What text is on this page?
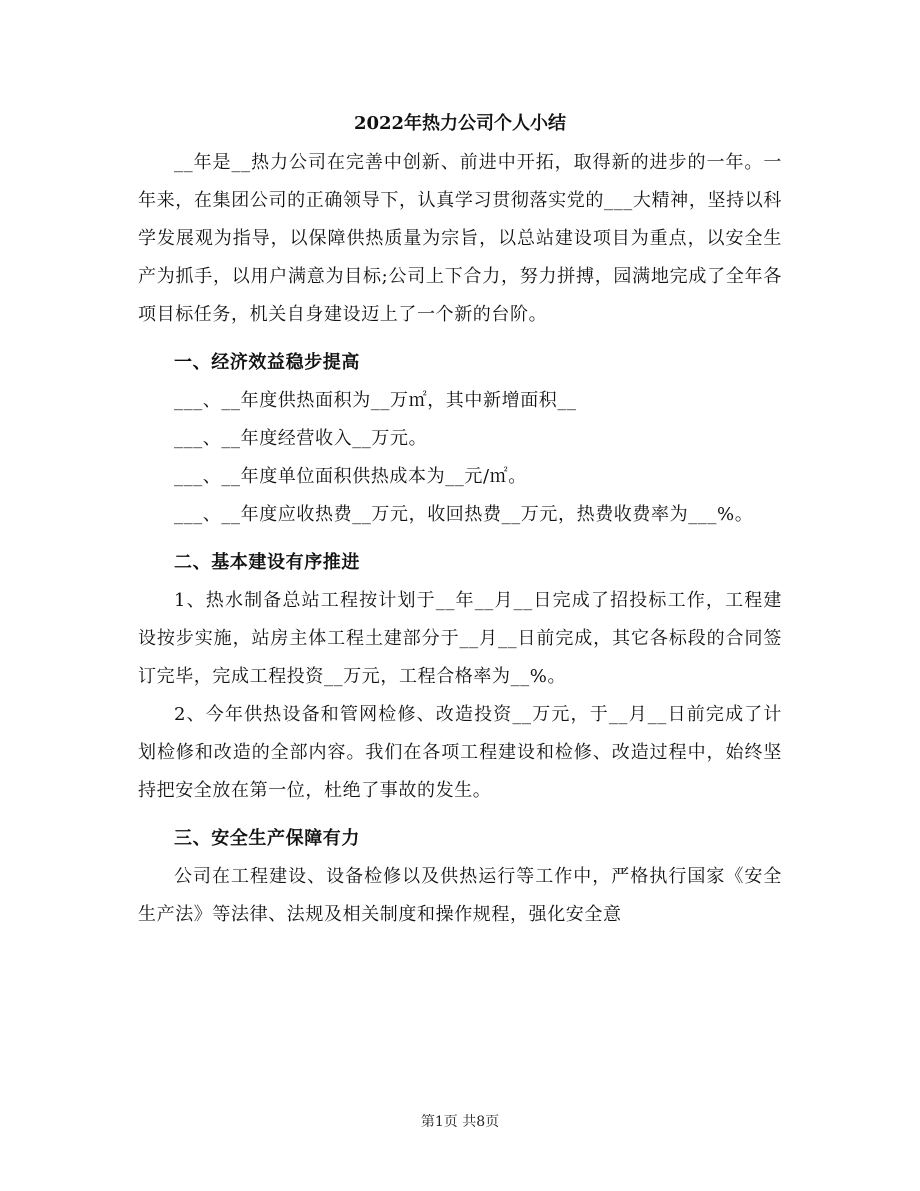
2022年热力公司个人小结

__年是__热力公司在完善中创新、前进中开拓，取得新的进步的一年。一年来，在集团公司的正确领导下，认真学习贯彻落实党的___大精神，坚持以科学发展观为指导，以保障供热质量为宗旨，以总站建设项目为重点，以安全生产为抓手，以用户满意为目标;公司上下合力，努力拼搏，园满地完成了全年各项目标任务，机关自身建设迈上了一个新的台阶。

一、经济效益稳步提高

___、__年度供热面积为__万㎡，其中新增面积__

___、__年度经营收入__万元。

___、__年度单位面积供热成本为__元/㎡。

___、__年度应收热费__万元，收回热费__万元，热费收费率为___%。

二、基本建设有序推进

1、热水制备总站工程按计划于__年__月__日完成了招投标工作，工程建设按步实施，站房主体工程土建部分于__月__日前完成，其它各标段的合同签订完毕，完成工程投资__万元，工程合格率为__%。

2、今年供热设备和管网检修、改造投资__万元，于__月__日前完成了计划检修和改造的全部内容。我们在各项工程建设和检修、改造过程中，始终坚持把安全放在第一位，杜绝了事故的发生。

三、安全生产保障有力

公司在工程建设、设备检修以及供热运行等工作中，严格执行国家《安全生产法》等法律、法规及相关制度和操作规程，强化安全意

第1页 共8页
